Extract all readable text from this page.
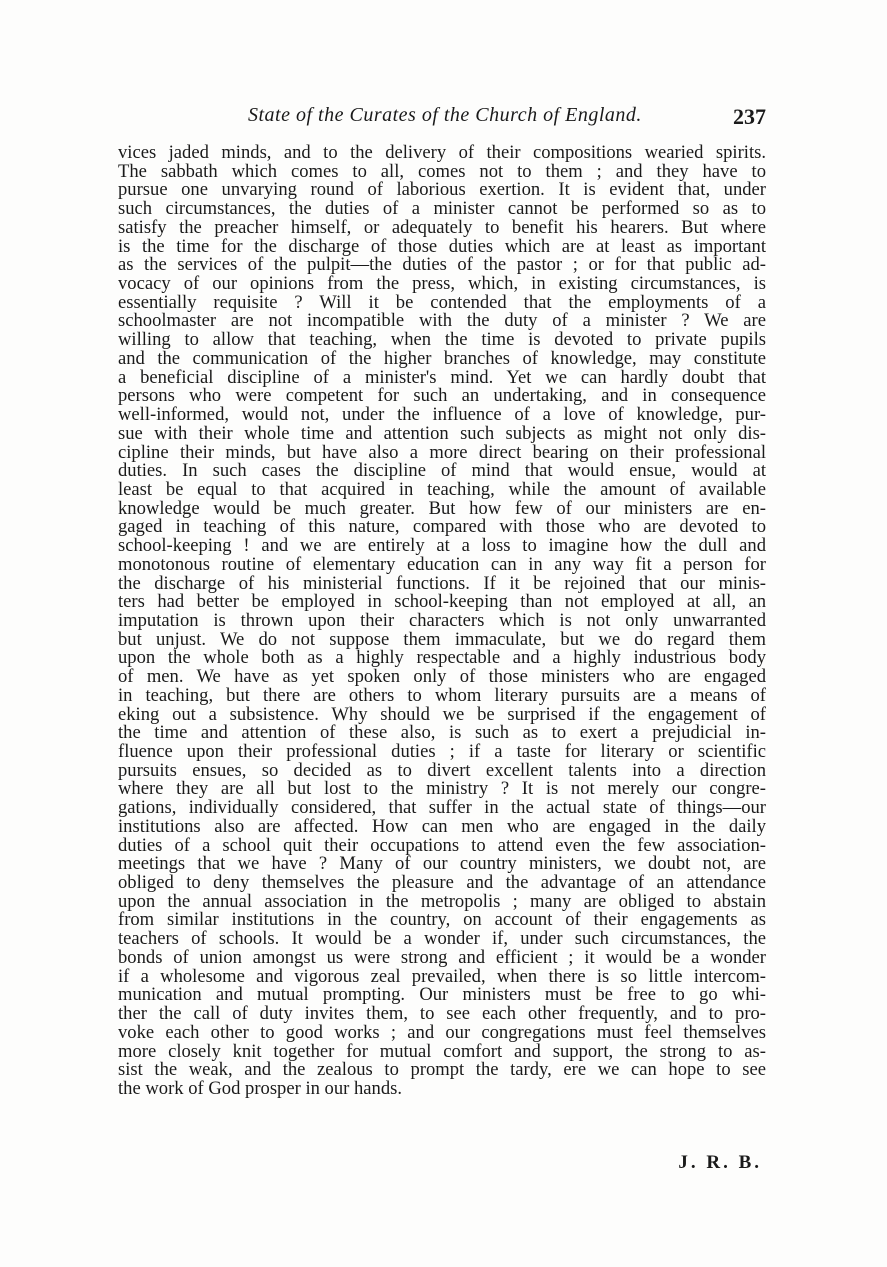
State of the Curates of the Church of England.	237
vices jaded minds, and to the delivery of their compositions wearied spirits.
The sabbath which comes to all, comes not to them ; and they have to
pursue one unvarying round of laborious exertion. It is evident that, under
such circumstances, the duties of a minister cannot be performed so as to
satisfy the preacher himself, or adequately to benefit his hearers. But where
is the time for the discharge of those duties which are at least as important
as the services of the pulpit—the duties of the pastor ; or for that public ad-
vocacy of our opinions from the press, which, in existing circumstances, is
essentially requisite ? Will it be contended that the employments of a
schoolmaster are not incompatible with the duty of a minister ? We are
willing to allow that teaching, when the time is devoted to private pupils
and the communication of the higher branches of knowledge, may constitute
a beneficial discipline of a minister's mind. Yet we can hardly doubt that
persons who were competent for such an undertaking, and in consequence
well-informed, would not, under the influence of a love of knowledge, pur-
sue with their whole time and attention such subjects as might not only dis-
cipline their minds, but have also a more direct bearing on their professional
duties. In such cases the discipline of mind that would ensue, would at
least be equal to that acquired in teaching, while the amount of available
knowledge would be much greater. But how few of our ministers are en-
gaged in teaching of this nature, compared with those who are devoted to
school-keeping ! and we are entirely at a loss to imagine how the dull and
monotonous routine of elementary education can in any way fit a person for
the discharge of his ministerial functions. If it be rejoined that our minis-
ters had better be employed in school-keeping than not employed at all, an
imputation is thrown upon their characters which is not only unwarranted
but unjust. We do not suppose them immaculate, but we do regard them
upon the whole both as a highly respectable and a highly industrious body
of men. We have as yet spoken only of those ministers who are engaged
in teaching, but there are others to whom literary pursuits are a means of
eking out a subsistence. Why should we be surprised if the engagement of
the time and attention of these also, is such as to exert a prejudicial in-
fluence upon their professional duties ; if a taste for literary or scientific
pursuits ensues, so decided as to divert excellent talents into a direction
where they are all but lost to the ministry ? It is not merely our congre-
gations, individually considered, that suffer in the actual state of things—our
institutions also are affected. How can men who are engaged in the daily
duties of a school quit their occupations to attend even the few association-
meetings that we have ? Many of our country ministers, we doubt not, are
obliged to deny themselves the pleasure and the advantage of an attendance
upon the annual association in the metropolis ; many are obliged to abstain
from similar institutions in the country, on account of their engagements as
teachers of schools. It would be a wonder if, under such circumstances, the
bonds of union amongst us were strong and efficient ; it would be a wonder
if a wholesome and vigorous zeal prevailed, when there is so little intercom-
munication and mutual prompting. Our ministers must be free to go whi-
ther the call of duty invites them, to see each other frequently, and to pro-
voke each other to good works ; and our congregations must feel themselves
more closely knit together for mutual comfort and support, the strong to as-
sist the weak, and the zealous to prompt the tardy, ere we can hope to see
the work of God prosper in our hands.
J. R. B.
